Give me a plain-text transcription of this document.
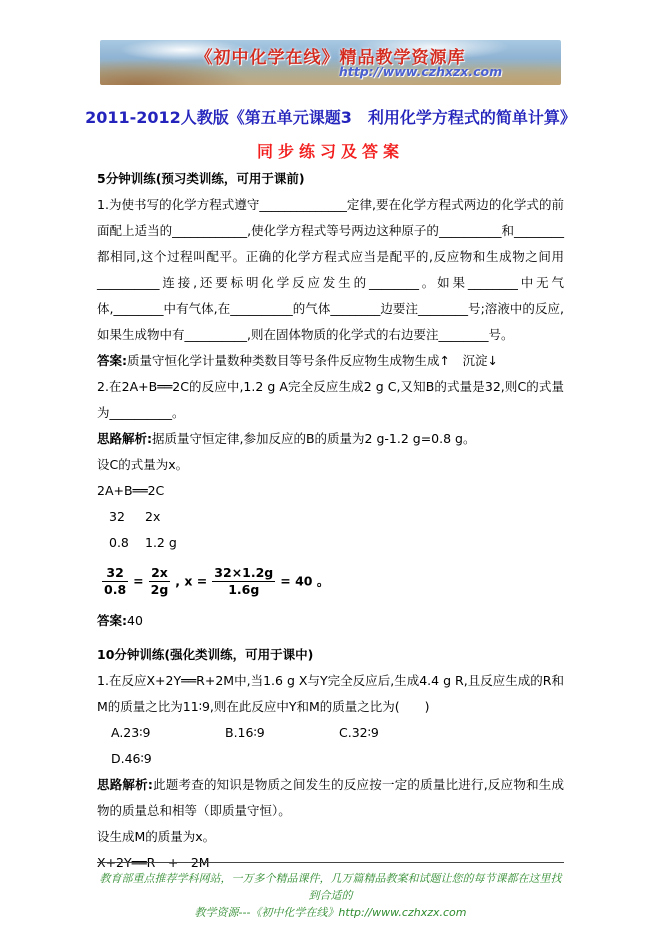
《初中化学在线》精品教学资源库
http://www.czhxzx.com
2011-2012人教版《第五单元课题3　利用化学方程式的简单计算》
同步练习及答案

5分钟训练(预习类训练，可用于课前)

1.为使书写的化学方程式遵守______________定律,要在化学方程式两边的化学式的前面配上适当的____________,使化学方程式等号两边这种原子的__________和________都相同,这个过程叫配平。正确的化学方程式应当是配平的,反应物和生成物之间用__________连接,还要标明化学反应发生的________。如果________中无气体,________中有气体,在__________的气体________边要注________号;溶液中的反应,如果生成物中有__________,则在固体物质的化学式的右边要注________号。

答案:质量守恒化学计量数种类数目等号条件反应物生成物生成↑　沉淀↓

2.在2A+B══2C的反应中,1.2 g A完全反应生成2 g C,又知B的式量是32,则C的式量为__________。

思路解析:据质量守恒定律,参加反应的B的质量为2 g-1.2 g=0.8 g。

设C的式量为x。

2A+B══2C

32 2x

0.8 1.2 g

$\frac{32}{0.8} = \frac{2x}{2g}$ , $x = \frac{32\times 1.2g}{1.6g} = 40$ 。

答案:40

10分钟训练(强化类训练，可用于课中)

1.在反应X+2Y══R+2M中,当1.6 g X与Y完全反应后,生成4.4 g R,且反应生成的R和M的质量之比为11∶9,则在此反应中Y和M的质量之比为(　　)

A.23∶9	B.16∶9	C.32∶9D.46∶9

思路解析:此题考查的知识是物质之间发生的反应按一定的质量比进行,反应物和生成物的质量总和相等（即质量守恒）。

设生成M的质量为x。

X+2Y══R　+　2M

教育部重点推荐学科网站，一万多个精品课件，几万篇精品教案和试题让您的每节课都在这里找到合适的

教学资源---《初中化学在线》http://www.czhxzx.com
